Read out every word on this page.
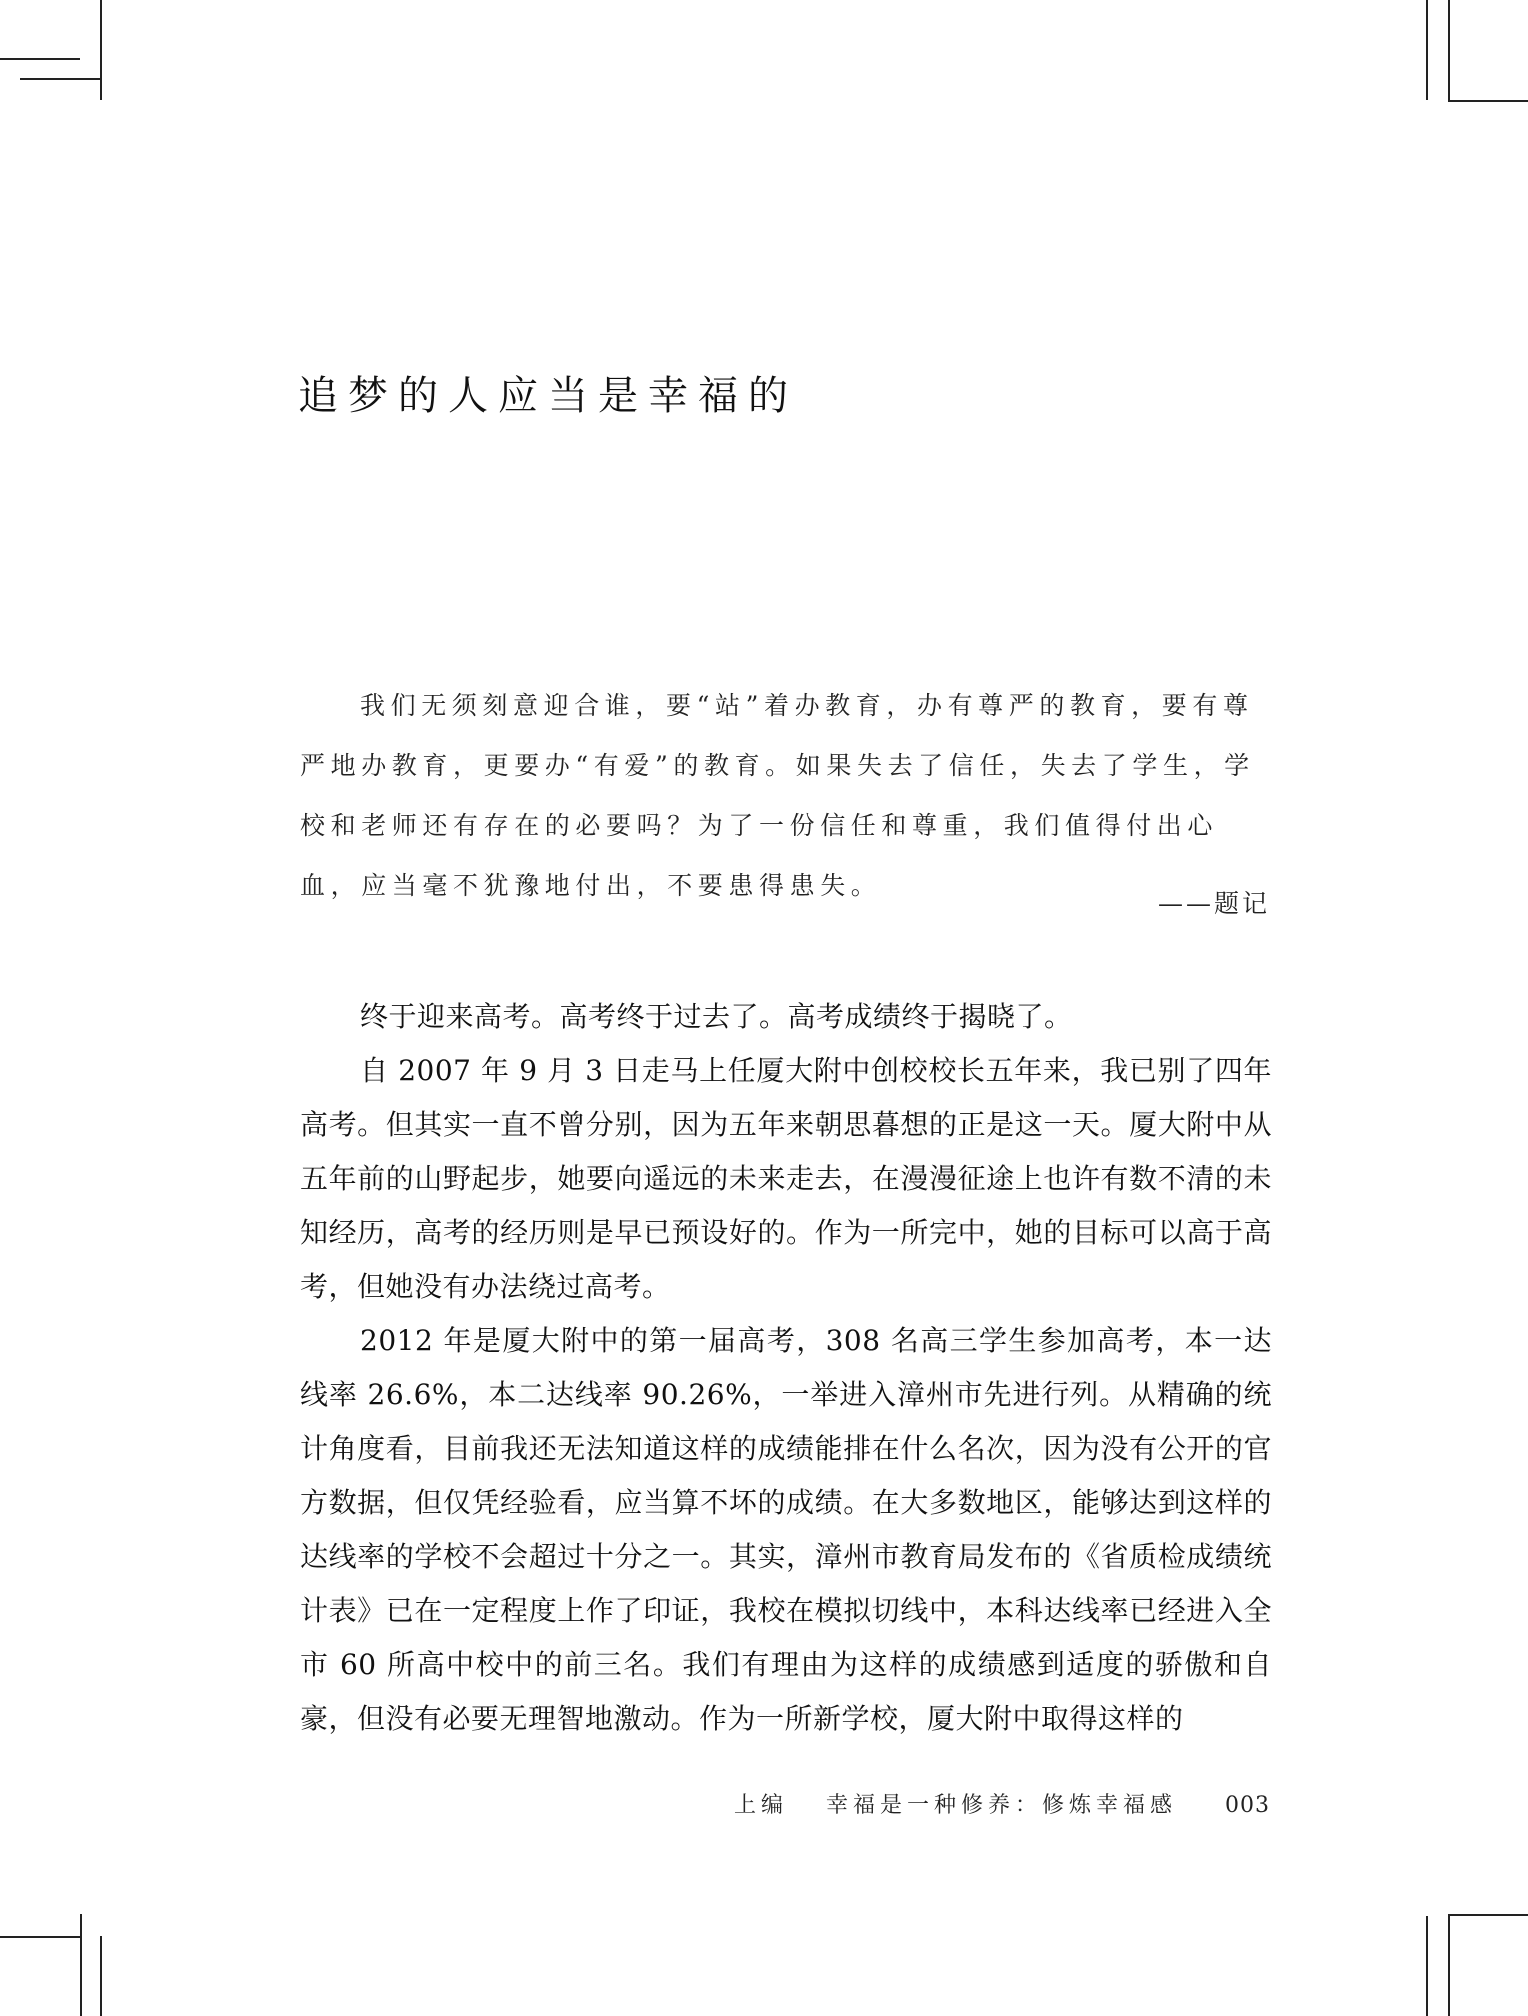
追梦的人应当是幸福的

我们无须刻意迎合谁，要“站”着办教育，办有尊严的教育，要有尊严地办教育，更要办“有爱”的教育。如果失去了信任，失去了学生，学校和老师还有存在的必要吗？为了一份信任和尊重，我们值得付出心血，应当毫不犹豫地付出，不要患得患失。

——题记

终于迎来高考。高考终于过去了。高考成绩终于揭晓了。

自 2007 年 9 月 3 日走马上任厦大附中创校校长五年来，我已别了四年高考。但其实一直不曾分别，因为五年来朝思暮想的正是这一天。厦大附中从五年前的山野起步，她要向遥远的未来走去，在漫漫征途上也许有数不清的未知经历，高考的经历则是早已预设好的。作为一所完中，她的目标可以高于高考，但她没有办法绕过高考。

2012 年是厦大附中的第一届高考，308 名高三学生参加高考，本一达线率 26.6%，本二达线率 90.26%，一举进入漳州市先进行列。从精确的统计角度看，目前我还无法知道这样的成绩能排在什么名次，因为没有公开的官方数据，但仅凭经验看，应当算不坏的成绩。在大多数地区，能够达到这样的达线率的学校不会超过十分之一。其实，漳州市教育局发布的《省质检成绩统计表》已在一定程度上作了印证，我校在模拟切线中，本科达线率已经进入全市 60 所高中校中的前三名。我们有理由为这样的成绩感到适度的骄傲和自豪，但没有必要无理智地激动。作为一所新学校，厦大附中取得这样的

上编 幸福是一种修养：修炼幸福感 003
